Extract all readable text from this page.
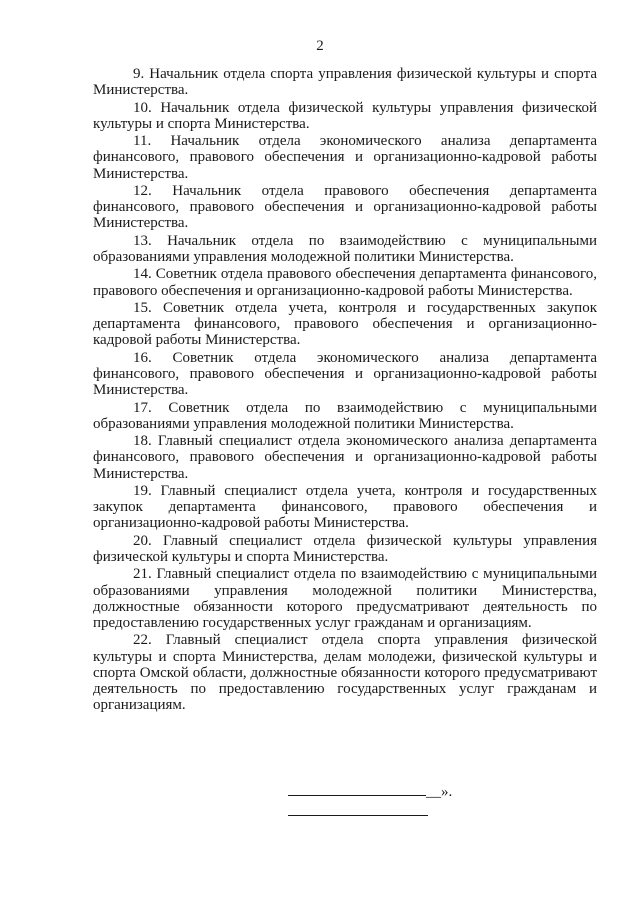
2

9. Начальник отдела спорта управления физической культуры и спорта Министерства.

10. Начальник отдела физической культуры управления физической культуры и спорта Министерства.

11. Начальник отдела экономического анализа департамента финансового, правового обеспечения и организационно-кадровой работы Министерства.

12. Начальник отдела правового обеспечения департамента финансового, правового обеспечения и организационно-кадровой работы Министерства.

13. Начальник отдела по взаимодействию с муниципальными образованиями управления молодежной политики Министерства.

14. Советник отдела правового обеспечения департамента финансового, правового обеспечения и организационно-кадровой работы Министерства.

15. Советник отдела учета, контроля и государственных закупок департамента финансового, правового обеспечения и организационно-кадровой работы Министерства.

16. Советник отдела экономического анализа департамента финансового, правового обеспечения и организационно-кадровой работы Министерства.

17. Советник отдела по взаимодействию с муниципальными образованиями управления молодежной политики Министерства.

18. Главный специалист отдела экономического анализа департамента финансового, правового обеспечения и организационно-кадровой работы Министерства.

19. Главный специалист отдела учета, контроля и государственных закупок департамента финансового, правового обеспечения и организационно-кадровой работы Министерства.

20. Главный специалист отдела физической культуры управления физической культуры и спорта Министерства.

21. Главный специалист отдела по взаимодействию с муниципальными образованиями управления молодежной политики Министерства, должностные обязанности которого предусматривают деятельность по предоставлению государственных услуг гражданам и организациям.

22. Главный специалист отдела спорта управления физической культуры и спорта Министерства, делам молодежи, физической культуры и спорта Омской области, должностные обязанности которого предусматривают деятельность по предоставлению государственных услуг гражданам и организациям.

__».
